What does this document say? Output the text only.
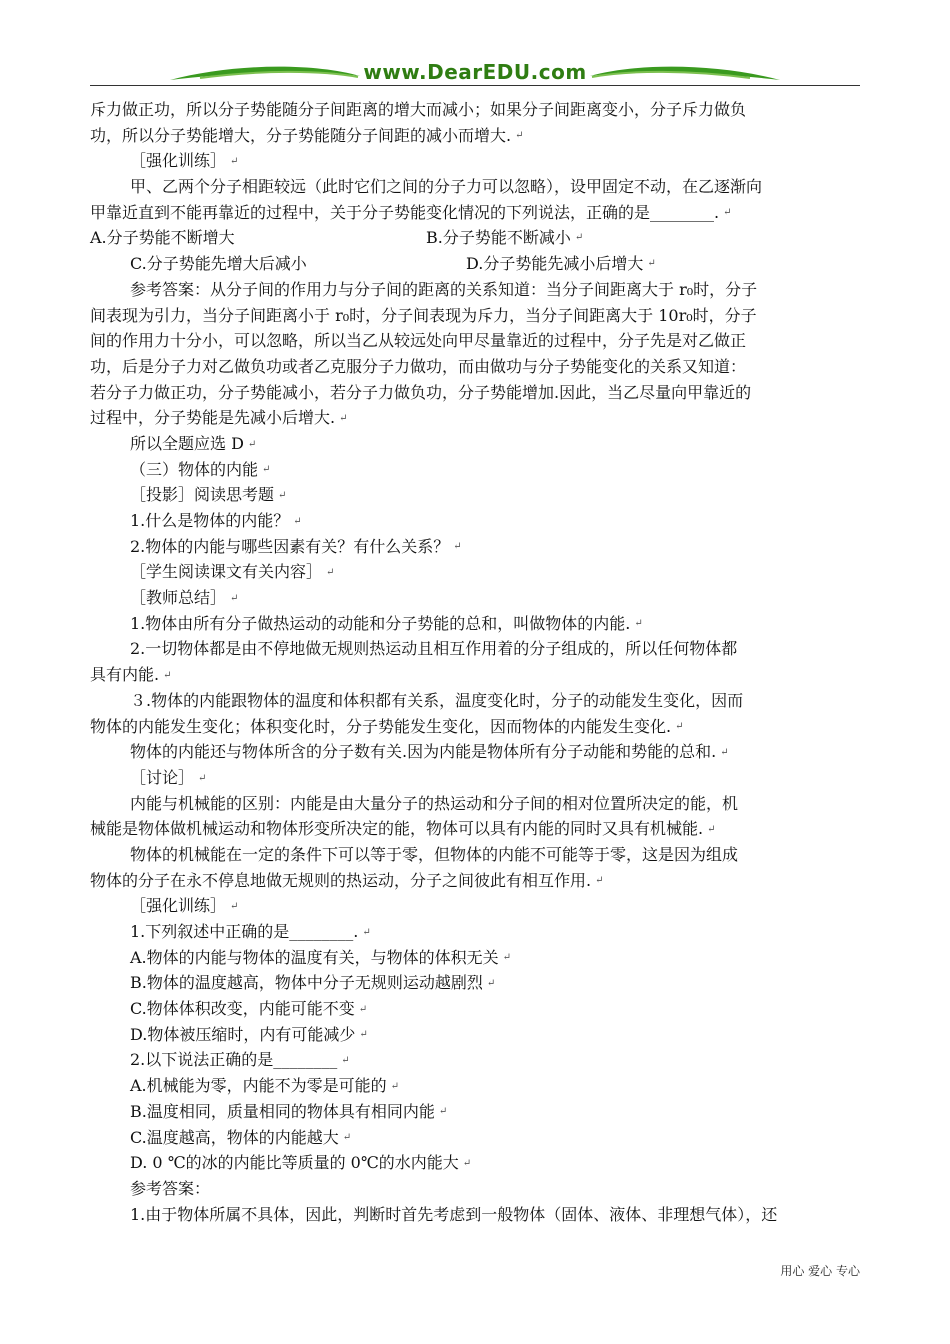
www.DearEDU.com
斥力做正功，所以分子势能随分子间距离的增大而减小；如果分子间距离变小，分子斥力做负
功，所以分子势能增大，分子势能随分子间距的减小而增大. ↵
［强化训练］ ↵
甲、乙两个分子相距较远（此时它们之间的分子力可以忽略），设甲固定不动，在乙逐渐向
甲靠近直到不能再靠近的过程中，关于分子势能变化情况的下列说法，正确的是________. ↵
A.分子势能不断增大	B.分子势能不断减小 ↵
C.分子势能先增大后减小	D.分子势能先减小后增大 ↵
参考答案：从分子间的作用力与分子间的距离的关系知道：当分子间距离大于 r₀时，分子
间表现为引力，当分子间距离小于 r₀时，分子间表现为斥力，当分子间距离大于 10r₀时，分子
间的作用力十分小，可以忽略，所以当乙从较远处向甲尽量靠近的过程中，分子先是对乙做正
功，后是分子力对乙做负功或者乙克服分子力做功，而由做功与分子势能变化的关系又知道：
若分子力做正功，分子势能减小，若分子力做负功，分子势能增加.因此，当乙尽量向甲靠近的
过程中，分子势能是先减小后增大. ↵
所以全题应选 D ↵
（三）物体的内能 ↵
［投影］阅读思考题 ↵
1.什么是物体的内能？ ↵
2.物体的内能与哪些因素有关？有什么关系？ ↵
［学生阅读课文有关内容］ ↵
［教师总结］ ↵
1.物体由所有分子做热运动的动能和分子势能的总和，叫做物体的内能. ↵
2.一切物体都是由不停地做无规则热运动且相互作用着的分子组成的，所以任何物体都
具有内能. ↵
３.物体的内能跟物体的温度和体积都有关系，温度变化时，分子的动能发生变化，因而
物体的内能发生变化；体积变化时，分子势能发生变化，因而物体的内能发生变化. ↵
物体的内能还与物体所含的分子数有关.因为内能是物体所有分子动能和势能的总和. ↵
［讨论］ ↵
内能与机械能的区别：内能是由大量分子的热运动和分子间的相对位置所决定的能，机
械能是物体做机械运动和物体形变所决定的能，物体可以具有内能的同时又具有机械能. ↵
物体的机械能在一定的条件下可以等于零，但物体的内能不可能等于零，这是因为组成
物体的分子在永不停息地做无规则的热运动，分子之间彼此有相互作用. ↵
［强化训练］ ↵
1.下列叙述中正确的是________. ↵
A.物体的内能与物体的温度有关，与物体的体积无关 ↵
B.物体的温度越高，物体中分子无规则运动越剧烈 ↵
C.物体体积改变，内能可能不变 ↵
D.物体被压缩时，内有可能减少 ↵
2.以下说法正确的是________ ↵
A.机械能为零，内能不为零是可能的 ↵
B.温度相同，质量相同的物体具有相同内能 ↵
C.温度越高，物体的内能越大 ↵
D. 0 ℃的冰的内能比等质量的 0℃的水内能大 ↵
参考答案：
1.由于物体所属不具体，因此，判断时首先考虑到一般物体（固体、液体、非理想气体），还
用心 爱心 专心
